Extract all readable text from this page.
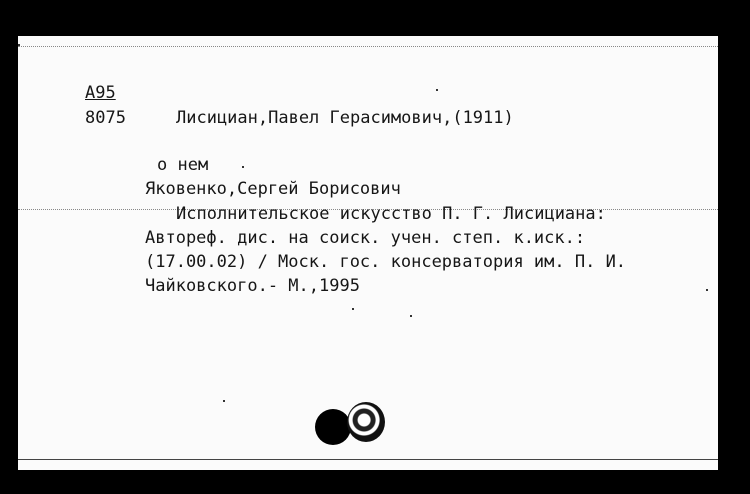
А95
8075	Лисициан,Павел Герасимович,(1911)
о нем
Яковенко,Сергей Борисович
Исполнительское искусство П. Г. Лисициана:
Автореф. дис. на соиск. учен. степ. к.иск.:
(17.00.02) / Моск. гос. консерватория им. П. И.
Чайковского.- М.,1995
